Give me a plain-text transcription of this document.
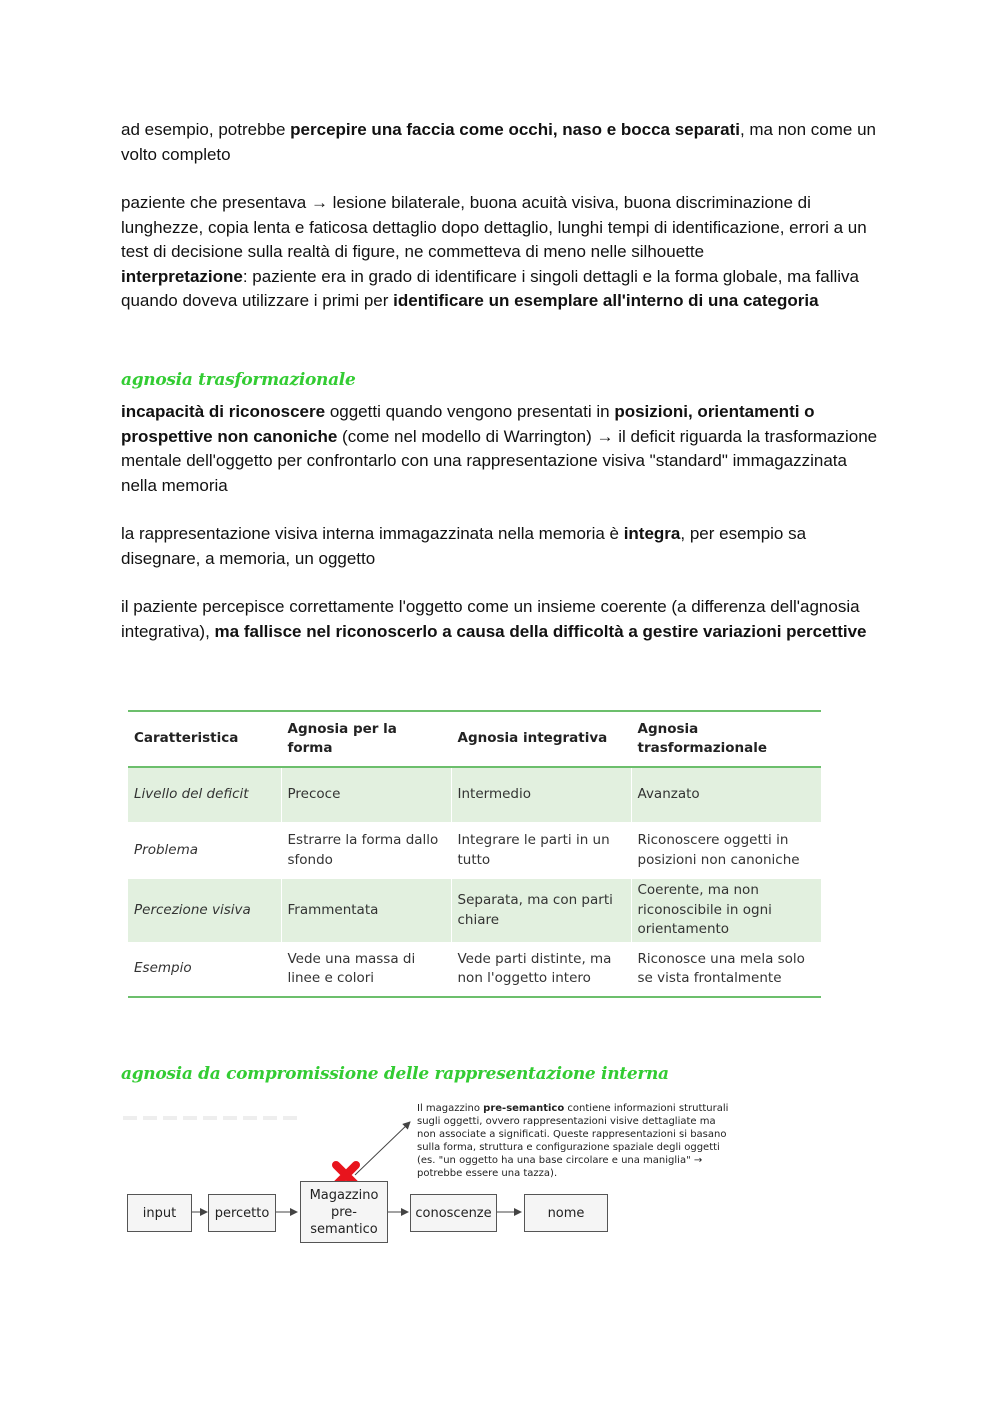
ad esempio, potrebbe percepire una faccia come occhi, naso e bocca separati, ma non come un volto completo

paziente che presentava → lesione bilaterale, buona acuità visiva, buona discriminazione di lunghezze, copia lenta e faticosa dettaglio dopo dettaglio, lunghi tempi di identificazione, errori a un test di decisione sulla realtà di figure, ne commetteva di meno nelle silhouette

interpretazione: paziente era in grado di identificare i singoli dettagli e la forma globale, ma falliva quando doveva utilizzare i primi per identificare un esemplare all'interno di una categoria

agnosia trasformazionale

incapacità di riconoscere oggetti quando vengono presentati in posizioni, orientamenti o prospettive non canoniche (come nel modello di Warrington) → il deficit riguarda la trasformazione mentale dell'oggetto per confrontarlo con una rappresentazione visiva "standard" immagazzinata nella memoria

la rappresentazione visiva interna immagazzinata nella memoria è integra, per esempio sa disegnare, a memoria, un oggetto

il paziente percepisce correttamente l'oggetto come un insieme coerente (a differenza dell'agnosia integrativa), ma fallisce nel riconoscerlo a causa della difficoltà a gestire variazioni percettive

Caratteristica	Agnosia per la forma	Agnosia integrativa	Agnosia trasformazionale
Livello del deficit	Precoce	Intermedio	Avanzato
Problema	Estrarre la forma dallo sfondo	Integrare le parti in un tutto	Riconoscere oggetti in posizioni non canoniche
Percezione visiva	Frammentata	Separata, ma con parti chiare	Coerente, ma non riconoscibile in ogni orientamento
Esempio	Vede una massa di linee e colori	Vede parti distinte, ma non l'oggetto intero	Riconosce una mela solo se vista frontalmente
agnosia da compromissione delle rappresentazione interna
input	percetto
Magazzino pre-semantico
conoscenze	nome
Il magazzino pre-semantico contiene informazioni strutturali sugli oggetti, ovvero rappresentazioni visive dettagliate ma non associate a significati. Queste rappresentazioni si basano sulla forma, struttura e configurazione spaziale degli oggetti (es. "un oggetto ha una base circolare e una maniglia" → potrebbe essere una tazza).
